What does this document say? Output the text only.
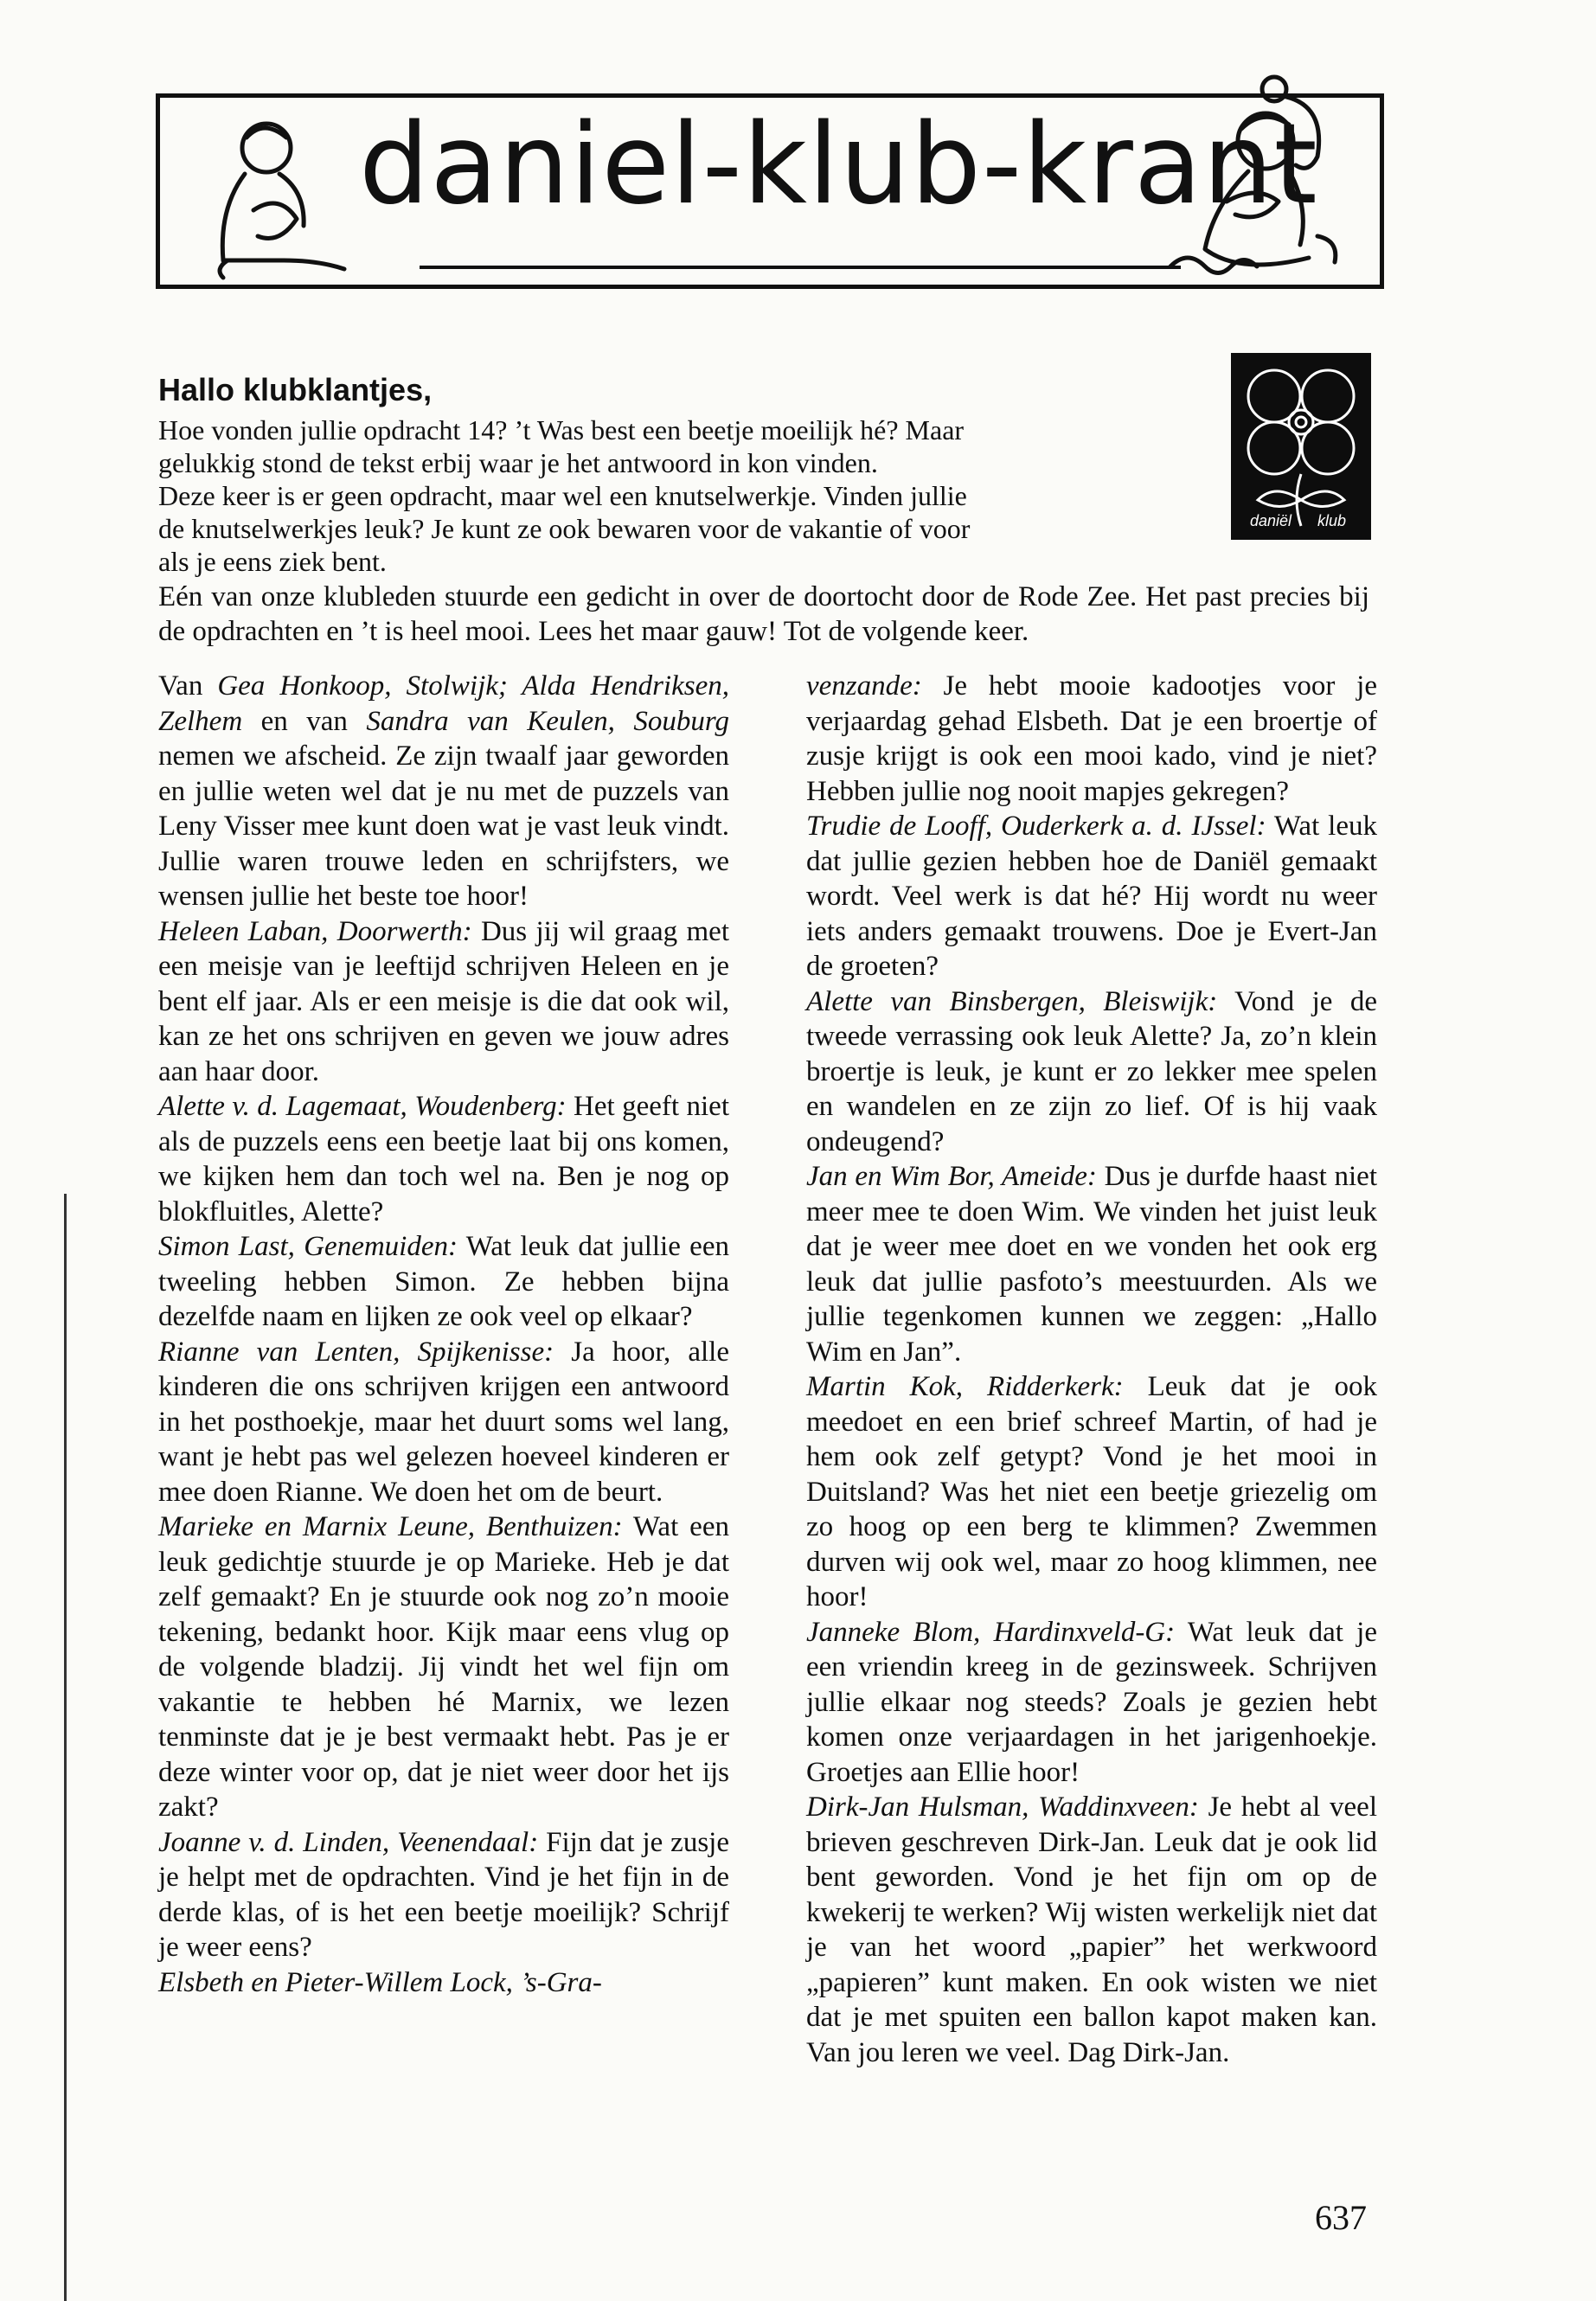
daniel-klub-krant
daniël klub
Hallo klubklantjes,
Hoe vonden jullie opdracht 14? ’t Was best een beetje moeilijk hé? Maar
gelukkig stond de tekst erbij waar je het antwoord in kon vinden.
Deze keer is er geen opdracht, maar wel een knutselwerkje. Vinden jullie
de knutselwerkjes leuk? Je kunt ze ook bewaren voor de vakantie of voor
als je eens ziek bent.

Eén van onze klubleden stuurde een gedicht in over de doortocht door de Rode Zee. Het past precies bij de opdrachten en ’t is heel mooi. Lees het maar gauw! Tot de volgende keer.

Van Gea Honkoop, Stolwijk; Alda Hendriksen, Zelhem en van Sandra van Keulen, Souburg nemen we afscheid. Ze zijn twaalf jaar geworden en jullie weten wel dat je nu met de puzzels van Leny Visser mee kunt doen wat je vast leuk vindt. Jullie waren trouwe leden en schrijfsters, we wensen jullie het beste toe hoor!

Heleen Laban, Doorwerth: Dus jij wil graag met een meisje van je leeftijd schrijven Heleen en je bent elf jaar. Als er een meisje is die dat ook wil, kan ze het ons schrijven en geven we jouw adres aan haar door.

Alette v. d. Lagemaat, Woudenberg: Het geeft niet als de puzzels eens een beetje laat bij ons komen, we kijken hem dan toch wel na. Ben je nog op blokfluitles, Alette?

Simon Last, Genemuiden: Wat leuk dat jullie een tweeling hebben Simon. Ze hebben bijna dezelfde naam en lijken ze ook veel op elkaar?

Rianne van Lenten, Spijkenisse: Ja hoor, alle kinderen die ons schrijven krijgen een antwoord in het posthoekje, maar het duurt soms wel lang, want je hebt pas wel gelezen hoeveel kinderen er mee doen Rianne. We doen het om de beurt.

Marieke en Marnix Leune, Benthuizen: Wat een leuk gedichtje stuurde je op Marieke. Heb je dat zelf gemaakt? En je stuurde ook nog zo’n mooie tekening, bedankt hoor. Kijk maar eens vlug op de volgende bladzij. Jij vindt het wel fijn om vakantie te hebben hé Marnix, we lezen tenminste dat je je best vermaakt hebt. Pas je er deze winter voor op, dat je niet weer door het ijs zakt?

Joanne v. d. Linden, Veenendaal: Fijn dat je zusje je helpt met de opdrachten. Vind je het fijn in de derde klas, of is het een beetje moeilijk? Schrijf je weer eens?

Elsbeth en Pieter-Willem Lock, ’s-Gra-

venzande: Je hebt mooie kadootjes voor je verjaardag gehad Elsbeth. Dat je een broertje of zusje krijgt is ook een mooi kado, vind je niet? Hebben jullie nog nooit mapjes gekregen?

Trudie de Looff, Ouderkerk a. d. IJssel: Wat leuk dat jullie gezien hebben hoe de Daniël gemaakt wordt. Veel werk is dat hé? Hij wordt nu weer iets anders gemaakt trouwens. Doe je Evert-Jan de groeten?

Alette van Binsbergen, Bleiswijk: Vond je de tweede verrassing ook leuk Alette? Ja, zo’n klein broertje is leuk, je kunt er zo lekker mee spelen en wandelen en ze zijn zo lief. Of is hij vaak ondeugend?

Jan en Wim Bor, Ameide: Dus je durfde haast niet meer mee te doen Wim. We vinden het juist leuk dat je weer mee doet en we vonden het ook erg leuk dat jullie pasfoto’s meestuurden. Als we jullie tegenkomen kunnen we zeggen: „Hallo Wim en Jan”.

Martin Kok, Ridderkerk: Leuk dat je ook meedoet en een brief schreef Martin, of had je hem ook zelf getypt? Vond je het mooi in Duitsland? Was het niet een beetje griezelig om zo hoog op een berg te klimmen? Zwemmen durven wij ook wel, maar zo hoog klimmen, nee hoor!

Janneke Blom, Hardinxveld-G: Wat leuk dat je een vriendin kreeg in de gezinsweek. Schrijven jullie elkaar nog steeds? Zoals je gezien hebt komen onze verjaardagen in het jarigenhoekje. Groetjes aan Ellie hoor!

Dirk-Jan Hulsman, Waddinxveen: Je hebt al veel brieven geschreven Dirk-Jan. Leuk dat je ook lid bent geworden. Vond je het fijn om op de kwekerij te werken? Wij wisten werkelijk niet dat je van het woord „papier” het werkwoord „papieren” kunt maken. En ook wisten we niet dat je met spuiten een ballon kapot maken kan. Van jou leren we veel. Dag Dirk-Jan.

637
